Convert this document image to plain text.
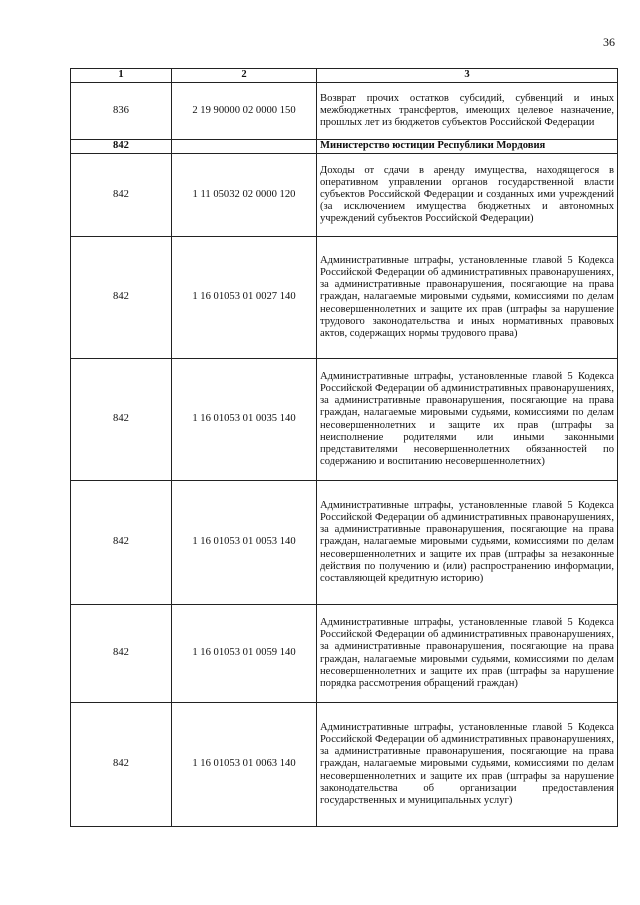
36
1	2	3
836	2 19 90000 02 0000 150	Возврат прочих остатков субсидий, субвенций и иных межбюджетных трансфертов, имеющих целевое назначение, прошлых лет из бюджетов субъектов Российской Федерации
842		Министерство юстиции Республики Мордовия
842	1 11 05032 02 0000 120	Доходы от сдачи в аренду имущества, находящегося в оперативном управлении органов государственной власти субъектов Российской Федерации и созданных ими учреждений (за исключением имущества бюджетных и автономных учреждений субъектов Российской Федерации)
842	1 16 01053 01 0027 140	Административные штрафы, установленные главой 5 Кодекса Российской Федерации об административных правонарушениях, за административные правонарушения, посягающие на права граждан, налагаемые мировыми судьями, комиссиями по делам несовершеннолетних и защите их прав (штрафы за нарушение трудового законодательства и иных нормативных правовых актов, содержащих нормы трудового права)
842	1 16 01053 01 0035 140	Административные штрафы, установленные главой 5 Кодекса Российской Федерации об административных правонарушениях, за административные правонарушения, посягающие на права граждан, налагаемые мировыми судьями, комиссиями по делам несовершеннолетних и защите их прав (штрафы за неисполнение родителями или иными законными представителями несовершеннолетних обязанностей по содержанию и воспитанию несовершеннолетних)
842	1 16 01053 01 0053 140	Административные штрафы, установленные главой 5 Кодекса Российской Федерации об административных правонарушениях, за административные правонарушения, посягающие на права граждан, налагаемые мировыми судьями, комиссиями по делам несовершеннолетних и защите их прав (штрафы за незаконные действия по получению и (или) распространению информации, составляющей кредитную историю)
842	1 16 01053 01 0059 140	Административные штрафы, установленные главой 5 Кодекса Российской Федерации об административных правонарушениях, за административные правонарушения, посягающие на права граждан, налагаемые мировыми судьями, комиссиями по делам несовершеннолетних и защите их прав (штрафы за нарушение порядка рассмотрения обращений граждан)
842	1 16 01053 01 0063 140	Административные штрафы, установленные главой 5 Кодекса Российской Федерации об административных правонарушениях, за административные правонарушения, посягающие на права граждан, налагаемые мировыми судьями, комиссиями по делам несовершеннолетних и защите их прав (штрафы за нарушение законодательства об организации предоставления государственных и муниципальных услуг)
